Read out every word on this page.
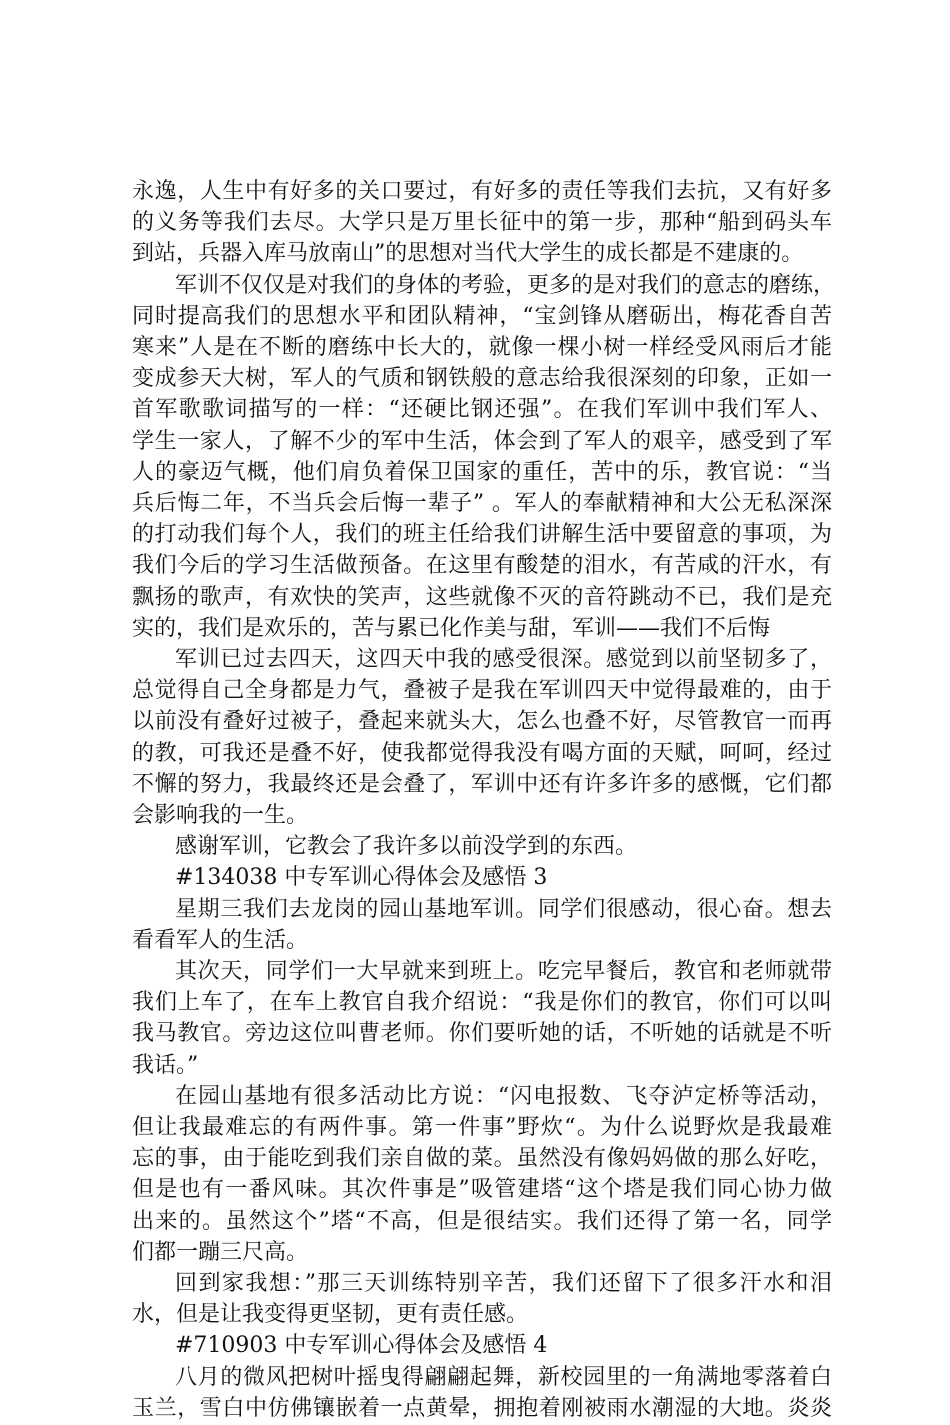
永逸，人生中有好多的关口要过，有好多的责任等我们去抗，又有好多
的义务等我们去尽。大学只是万里长征中的第一步，那种“船到码头车
到站，兵器入库马放南山”的思想对当代大学生的成长都是不建康的。
军训不仅仅是对我们的身体的考验，更多的是对我们的意志的磨练，
同时提高我们的思想水平和团队精神，“宝剑锋从磨砺出，梅花香自苦
寒来”人是在不断的磨练中长大的，就像一棵小树一样经受风雨后才能
变成参天大树，军人的气质和钢铁般的意志给我很深刻的印象，正如一
首军歌歌词描写的一样：“还硬比钢还强”。在我们军训中我们军人、
学生一家人，了解不少的军中生活，体会到了军人的艰辛，感受到了军
人的豪迈气概，他们肩负着保卫国家的重任，苦中的乐，教官说：“当
兵后悔二年，不当兵会后悔一辈子” 。军人的奉献精神和大公无私深深
的打动我们每个人，我们的班主任给我们讲解生活中要留意的事项，为
我们今后的学习生活做预备。在这里有酸楚的泪水，有苦咸的汗水，有
飘扬的歌声，有欢快的笑声，这些就像不灭的音符跳动不已，我们是充
实的，我们是欢乐的，苦与累已化作美与甜，军训——我们不后悔
军训已过去四天，这四天中我的感受很深。感觉到以前坚韧多了，
总觉得自己全身都是力气，叠被子是我在军训四天中觉得最难的，由于
以前没有叠好过被子，叠起来就头大，怎么也叠不好，尽管教官一而再
的教，可我还是叠不好，使我都觉得我没有喝方面的天赋，呵呵，经过
不懈的努力，我最终还是会叠了，军训中还有许多许多的感慨，它们都
会影响我的一生。
感谢军训，它教会了我许多以前没学到的东西。
#134038 中专军训心得体会及感悟 3
星期三我们去龙岗的园山基地军训。同学们很感动，很心奋。想去
看看军人的生活。
其次天，同学们一大早就来到班上。吃完早餐后，教官和老师就带
我们上车了，在车上教官自我介绍说：“我是你们的教官，你们可以叫
我马教官。旁边这位叫曹老师。你们要听她的话，不听她的话就是不听
我话。”
在园山基地有很多活动比方说：“闪电报数、飞夺泸定桥等活动，
但让我最难忘的有两件事。第一件事”野炊“。为什么说野炊是我最难
忘的事，由于能吃到我们亲自做的菜。虽然没有像妈妈做的那么好吃，
但是也有一番风味。其次件事是”吸管建塔“这个塔是我们同心协力做
出来的。虽然这个”塔“不高，但是很结实。我们还得了第一名，同学
们都一蹦三尺高。
回到家我想：”那三天训练特别辛苦，我们还留下了很多汗水和泪
水，但是让我变得更坚韧，更有责任感。
#710903 中专军训心得体会及感悟 4
八月的微风把树叶摇曳得翩翩起舞，新校园里的一角满地零落着白
玉兰，雪白中仿佛镶嵌着一点黄晕，拥抱着刚被雨水潮湿的大地。炎炎
